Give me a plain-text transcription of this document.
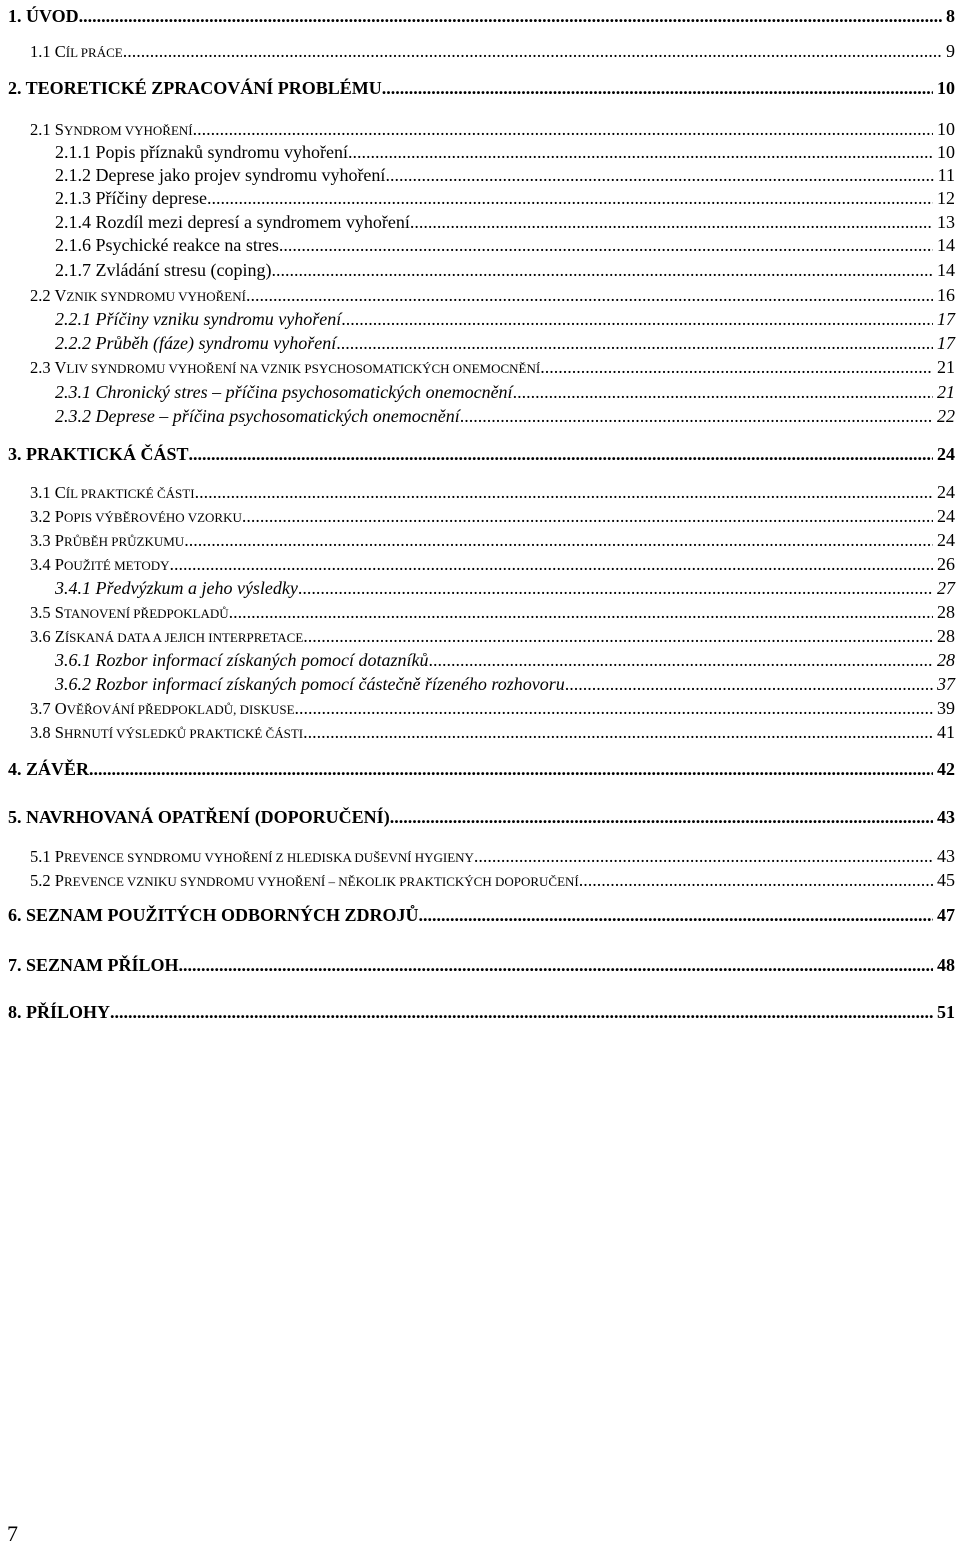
1. ÚVOD .....	8
1.1 CÍL PRÁCE .....	9
2. TEORETICKÉ ZPRACOVÁNÍ PROBLÉMU .....	10
2.1 SYNDROM VYHOŘENÍ .....	10
2.1.1 Popis příznaků syndromu vyhoření .....	10
2.1.2 Deprese jako projev syndromu vyhoření .....	11
2.1.3 Příčiny deprese .....	12
2.1.4 Rozdíl mezi depresí a syndromem vyhoření .....	13
2.1.6 Psychické reakce na stres .....	14
2.1.7 Zvládání stresu (coping) .....	14
2.2 VZNIK SYNDROMU VYHOŘENÍ .....	16
2.2.1 Příčiny vzniku syndromu vyhoření .....	17
2.2.2 Průběh (fáze) syndromu vyhoření .....	17
2.3 VLIV SYNDROMU VYHOŘENÍ NA VZNIK PSYCHOSOMATICKÝCH ONEMOCNĚNÍ .....	21
2.3.1 Chronický stres – příčina psychosomatických onemocnění .....	21
2.3.2 Deprese – příčina psychosomatických onemocnění .....	22
3. PRAKTICKÁ ČÁST .....	24
3.1 CÍL PRAKTICKÉ ČÁSTI .....	24
3.2 POPIS VÝBĚROVÉHO VZORKU .....	24
3.3 PRŮBĚH PRŮZKUMU .....	24
3.4 POUŽITÉ METODY .....	26
3.4.1 Předvýzkum a jeho výsledky .....	27
3.5 STANOVENÍ PŘEDPOKLADŮ .....	28
3.6 ZÍSKANÁ DATA A JEJICH INTERPRETACE .....	28
3.6.1 Rozbor informací získaných pomocí dotazníků .....	28
3.6.2 Rozbor informací získaných pomocí částečně řízeného rozhovoru .....	37
3.7 OVĚŘOVÁNÍ PŘEDPOKLADŮ, DISKUSE .....	39
3.8 SHRNUTÍ VÝSLEDKŮ PRAKTICKÉ ČÁSTI .....	41
4. ZÁVĚR .....	42
5. NAVRHOVANÁ OPATŘENÍ (DOPORUČENÍ) .....	43
5.1 PREVENCE SYNDROMU VYHOŘENÍ Z HLEDISKA DUŠEVNÍ HYGIENY .....	43
5.2 PREVENCE VZNIKU SYNDROMU VYHOŘENÍ – NĚKOLIK PRAKTICKÝCH DOPORUČENÍ .....	45
6. SEZNAM POUŽITÝCH ODBORNÝCH ZDROJŮ .....	47
7. SEZNAM PŘÍLOH .....	48
8. PŘÍLOHY .....	51
7
